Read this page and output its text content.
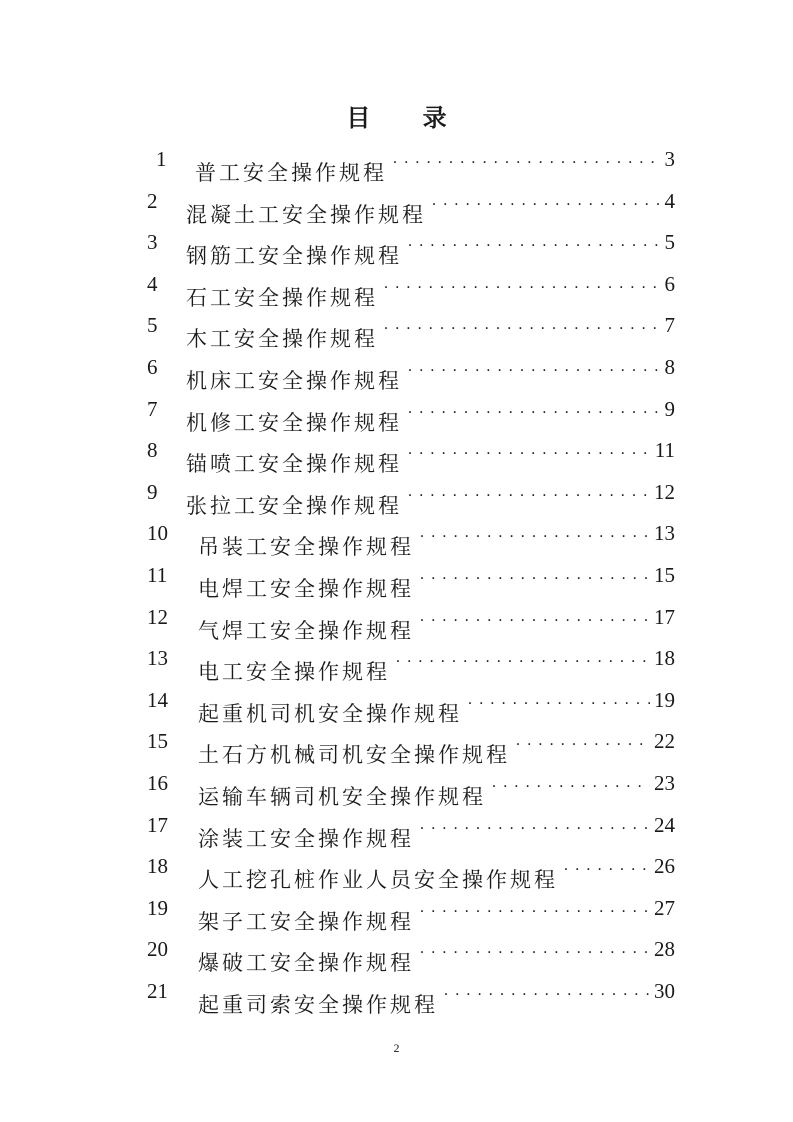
目 录
1
普工安全操作规程
. . .
3
2
混凝土工安全操作规程
. . .
4
3
钢筋工安全操作规程
. . .
5
4
石工安全操作规程
. . .
6
5
木工安全操作规程
. . .
7
6
机床工安全操作规程
. . .
8
7
机修工安全操作规程
. . .
9
8
锚喷工安全操作规程
. . .
11
9
张拉工安全操作规程
. . .
12
10
吊装工安全操作规程
. . .
13
11
电焊工安全操作规程
. . .
15
12
气焊工安全操作规程
. . .
17
13
电工安全操作规程
. . .
18
14
起重机司机安全操作规程
. . .
19
15
土石方机械司机安全操作规程
. . .
22
16
运输车辆司机安全操作规程
. . .
23
17
涂装工安全操作规程
. . .
24
18
人工挖孔桩作业人员安全操作规程
. . .
26
19
架子工安全操作规程
. . .
27
20
爆破工安全操作规程
. . .
28
21
起重司索安全操作规程
. . .
30
2
